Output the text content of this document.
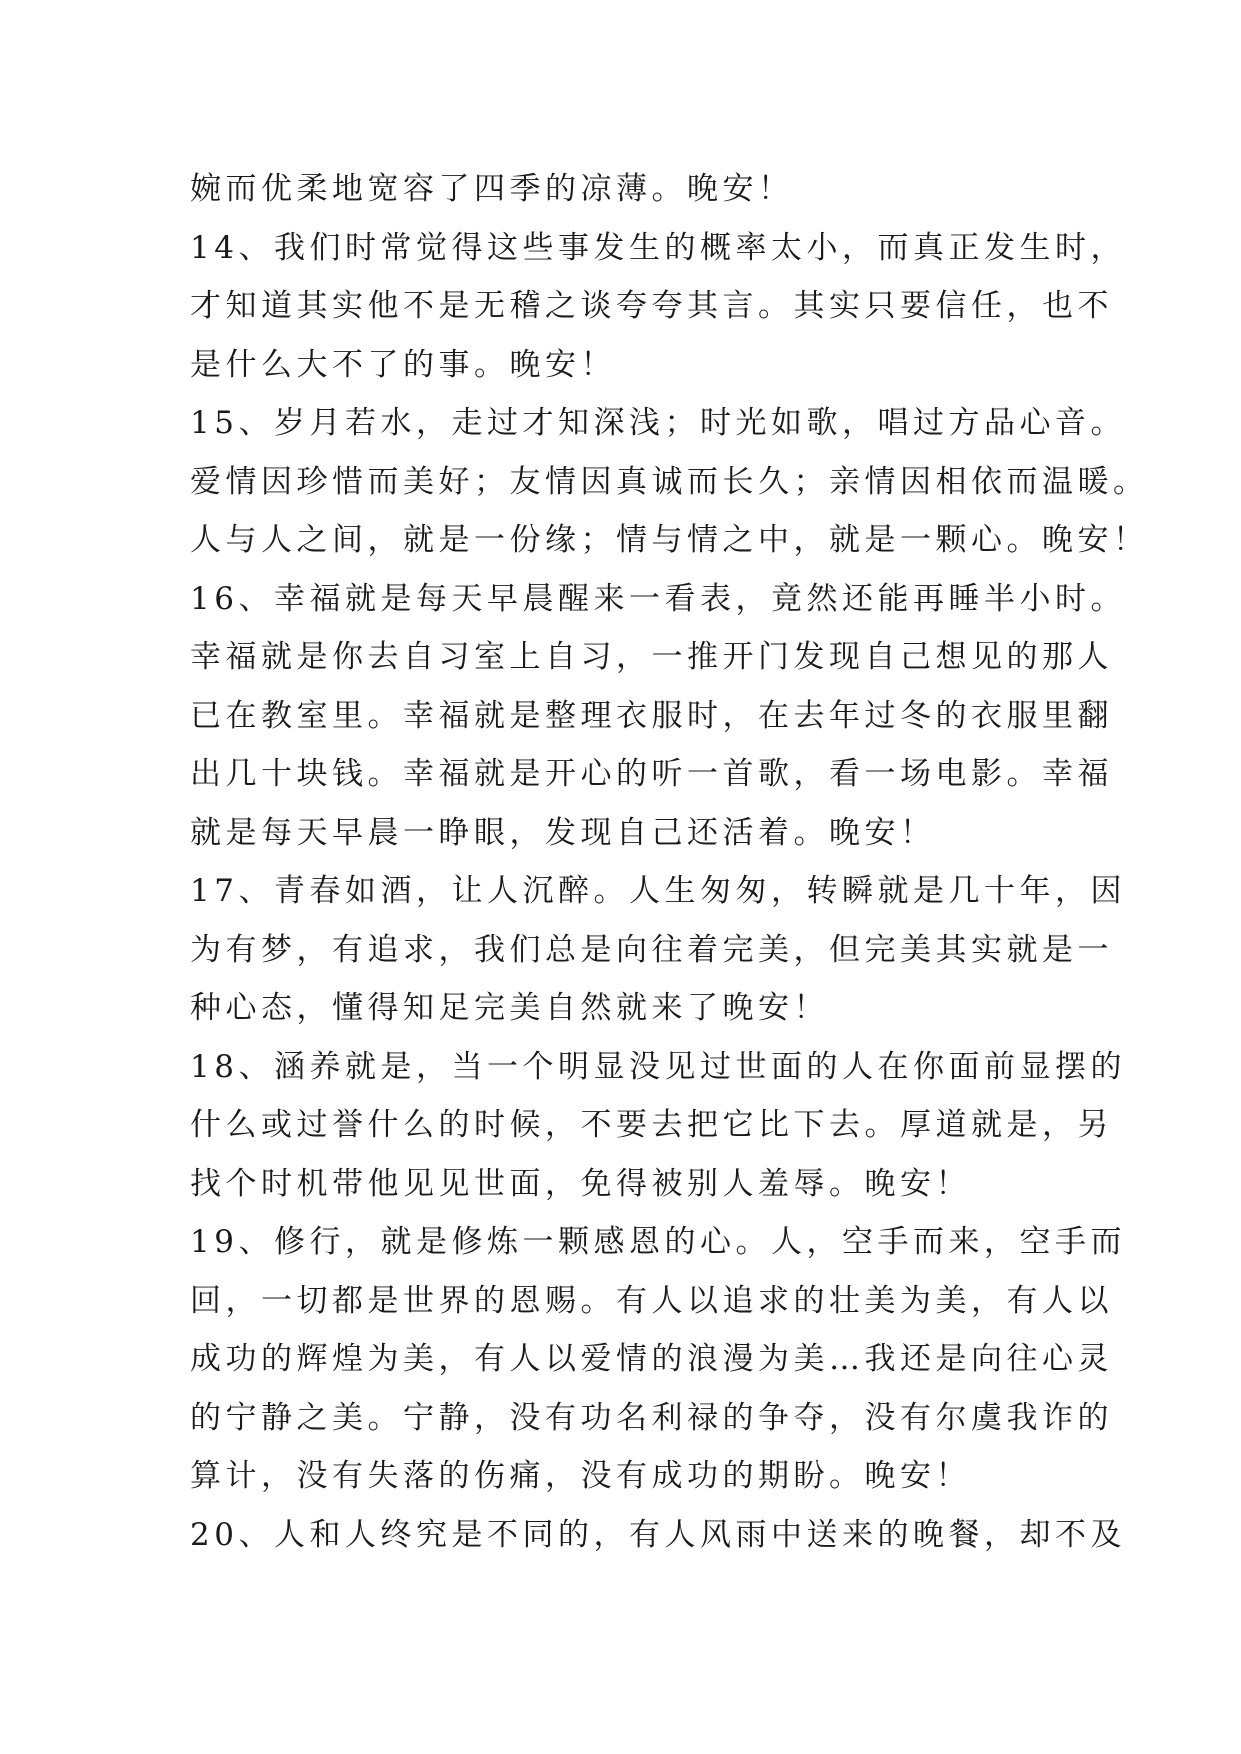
婉而优柔地宽容了四季的凉薄。晚安！
14、我们时常觉得这些事发生的概率太小，而真正发生时，
才知道其实他不是无稽之谈夸夸其言。其实只要信任，也不
是什么大不了的事。晚安！
15、岁月若水，走过才知深浅；时光如歌，唱过方品心音。
爱情因珍惜而美好；友情因真诚而长久；亲情因相依而温暖。
人与人之间，就是一份缘；情与情之中，就是一颗心。晚安！
16、幸福就是每天早晨醒来一看表，竟然还能再睡半小时。
幸福就是你去自习室上自习，一推开门发现自己想见的那人
已在教室里。幸福就是整理衣服时，在去年过冬的衣服里翻
出几十块钱。幸福就是开心的听一首歌，看一场电影。幸福
就是每天早晨一睁眼，发现自己还活着。晚安！
17、青春如酒，让人沉醉。人生匆匆，转瞬就是几十年，因
为有梦，有追求，我们总是向往着完美，但完美其实就是一
种心态，懂得知足完美自然就来了晚安！
18、涵养就是，当一个明显没见过世面的人在你面前显摆的
什么或过誉什么的时候，不要去把它比下去。厚道就是，另
找个时机带他见见世面，免得被别人羞辱。晚安！
19、修行，就是修炼一颗感恩的心。人，空手而来，空手而
回，一切都是世界的恩赐。有人以追求的壮美为美，有人以
成功的辉煌为美，有人以爱情的浪漫为美…我还是向往心灵
的宁静之美。宁静，没有功名利禄的争夺，没有尔虞我诈的
算计，没有失落的伤痛，没有成功的期盼。晚安！
20、人和人终究是不同的，有人风雨中送来的晚餐，却不及
